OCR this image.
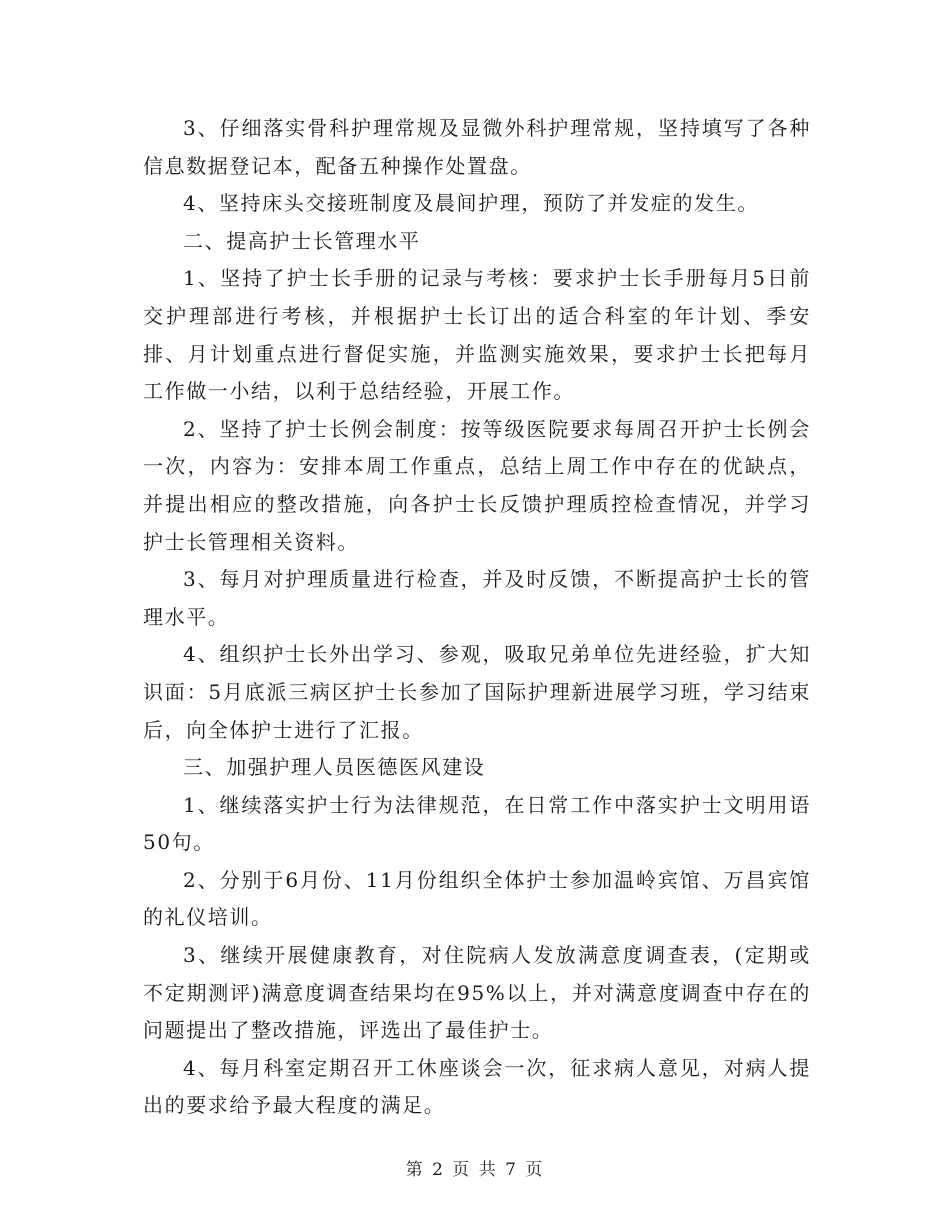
3、仔细落实骨科护理常规及显微外科护理常规，坚持填写了各种信息数据登记本，配备五种操作处置盘。

4、坚持床头交接班制度及晨间护理，预防了并发症的发生。

二、提高护士长管理水平

1、坚持了护士长手册的记录与考核：要求护士长手册每月5日前交护理部进行考核，并根据护士长订出的适合科室的年计划、季安排、月计划重点进行督促实施，并监测实施效果，要求护士长把每月工作做一小结，以利于总结经验，开展工作。

2、坚持了护士长例会制度：按等级医院要求每周召开护士长例会一次，内容为：安排本周工作重点，总结上周工作中存在的优缺点，并提出相应的整改措施，向各护士长反馈护理质控检查情况，并学习护士长管理相关资料。

3、每月对护理质量进行检查，并及时反馈，不断提高护士长的管理水平。

4、组织护士长外出学习、参观，吸取兄弟单位先进经验，扩大知识面：5月底派三病区护士长参加了国际护理新进展学习班，学习结束后，向全体护士进行了汇报。

三、加强护理人员医德医风建设

1、继续落实护士行为法律规范，在日常工作中落实护士文明用语50句。

2、分别于6月份、11月份组织全体护士参加温岭宾馆、万昌宾馆的礼仪培训。

3、继续开展健康教育，对住院病人发放满意度调查表，(定期或不定期测评)满意度调查结果均在95%以上，并对满意度调查中存在的问题提出了整改措施，评选出了最佳护士。

4、每月科室定期召开工休座谈会一次，征求病人意见，对病人提出的要求给予最大程度的满足。

第 2 页 共 7 页
